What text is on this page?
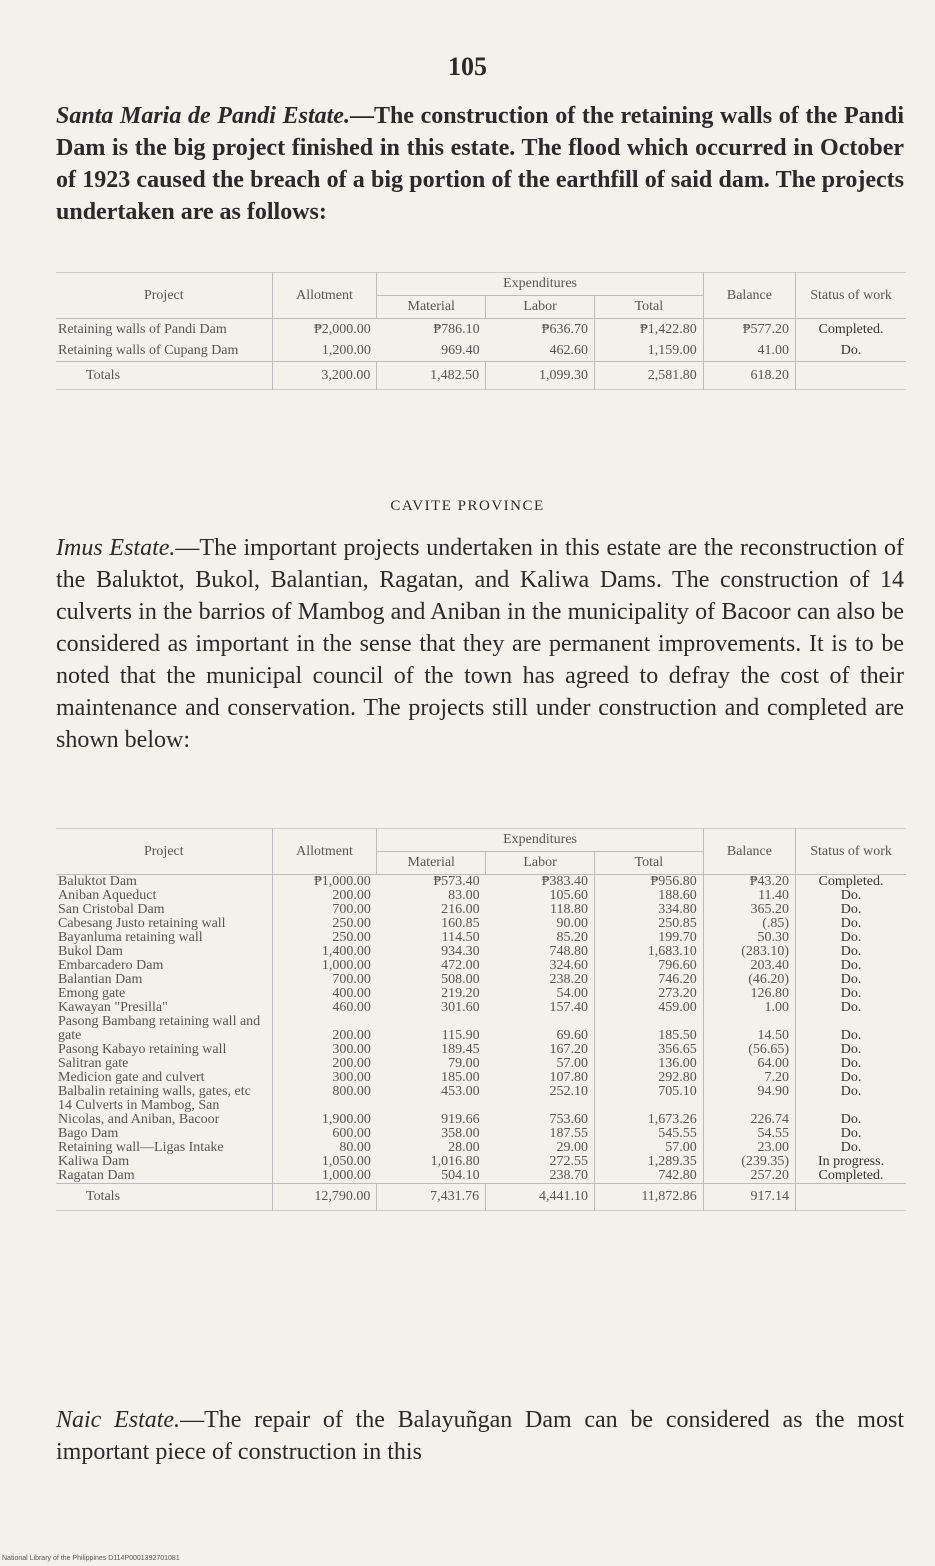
105

Santa Maria de Pandi Estate.—The construction of the retaining walls of the Pandi Dam is the big project finished in this estate. The flood which occurred in October of 1923 caused the breach of a big portion of the earthfill of said dam. The projects undertaken are as follows:

Project	Allotment	Expenditures			Balance	Status of work
		Material	Labor	Total		
Retaining walls of Pandi Dam	₱2,000.00	₱786.10	₱636.70	₱1,422.80	₱577.20	Completed.
Retaining walls of Cupang Dam	1,200.00	969.40	462.60	1,159.00	41.00	Do.
Totals	3,200.00	1,482.50	1,099.30	2,581.80	618.20	
CAVITE PROVINCE

Imus Estate.—The important projects undertaken in this estate are the reconstruction of the Baluktot, Bukol, Balantian, Ragatan, and Kaliwa Dams. The construction of 14 culverts in the barrios of Mambog and Aniban in the municipality of Bacoor can also be considered as important in the sense that they are permanent improvements. It is to be noted that the municipal council of the town has agreed to defray the cost of their maintenance and conservation. The projects still under construction and completed are shown below:

Project	Allotment	Expenditures			Balance	Status of work
		Material	Labor	Total		
Baluktot Dam	₱1,000.00	₱573.40	₱383.40	₱956.80	₱43.20	Completed.
Aniban Aqueduct	200.00	83.00	105.60	188.60	11.40	Do.
San Cristobal Dam	700.00	216.00	118.80	334.80	365.20	Do.
Cabesang Justo retaining wall	250.00	160.85	90.00	250.85	(.85)	Do.
Bayanluma retaining wall	250.00	114.50	85.20	199.70	50.30	Do.
Bukol Dam	1,400.00	934.30	748.80	1,683.10	(283.10)	Do.
Embarcadero Dam	1,000.00	472.00	324.60	796.60	203.40	Do.
Balantian Dam	700.00	508.00	238.20	746.20	(46.20)	Do.
Emong gate	400.00	219.20	54.00	273.20	126.80	Do.
Kawayan "Presilla"	460.00	301.60	157.40	459.00	1.00	Do.
Pasong Bambang retaining wall and gate	200.00	115.90	69.60	185.50	14.50	Do.
Pasong Kabayo retaining wall	300.00	189.45	167.20	356.65	(56.65)	Do.
Salitran gate	200.00	79.00	57.00	136.00	64.00	Do.
Medicion gate and culvert	300.00	185.00	107.80	292.80	7.20	Do.
Balbalin retaining walls, gates, etc	800.00	453.00	252.10	705.10	94.90	Do.
14 Culverts in Mambog, San Nicolas, and Aniban, Bacoor	1,900.00	919.66	753.60	1,673.26	226.74	Do.
Bago Dam	600.00	358.00	187.55	545.55	54.55	Do.
Retaining wall—Ligas Intake	80.00	28.00	29.00	57.00	23.00	Do.
Kaliwa Dam	1,050.00	1,016.80	272.55	1,289.35	(239.35)	In progress.
Ragatan Dam	1,000.00	504.10	238.70	742.80	257.20	Completed.
Totals	12,790.00	7,431.76	4,441.10	11,872.86	917.14	

Naic Estate.—The repair of the Balayuñgan Dam can be considered as the most important piece of construction in this

National Library of the Philippines D114P0001392701081
